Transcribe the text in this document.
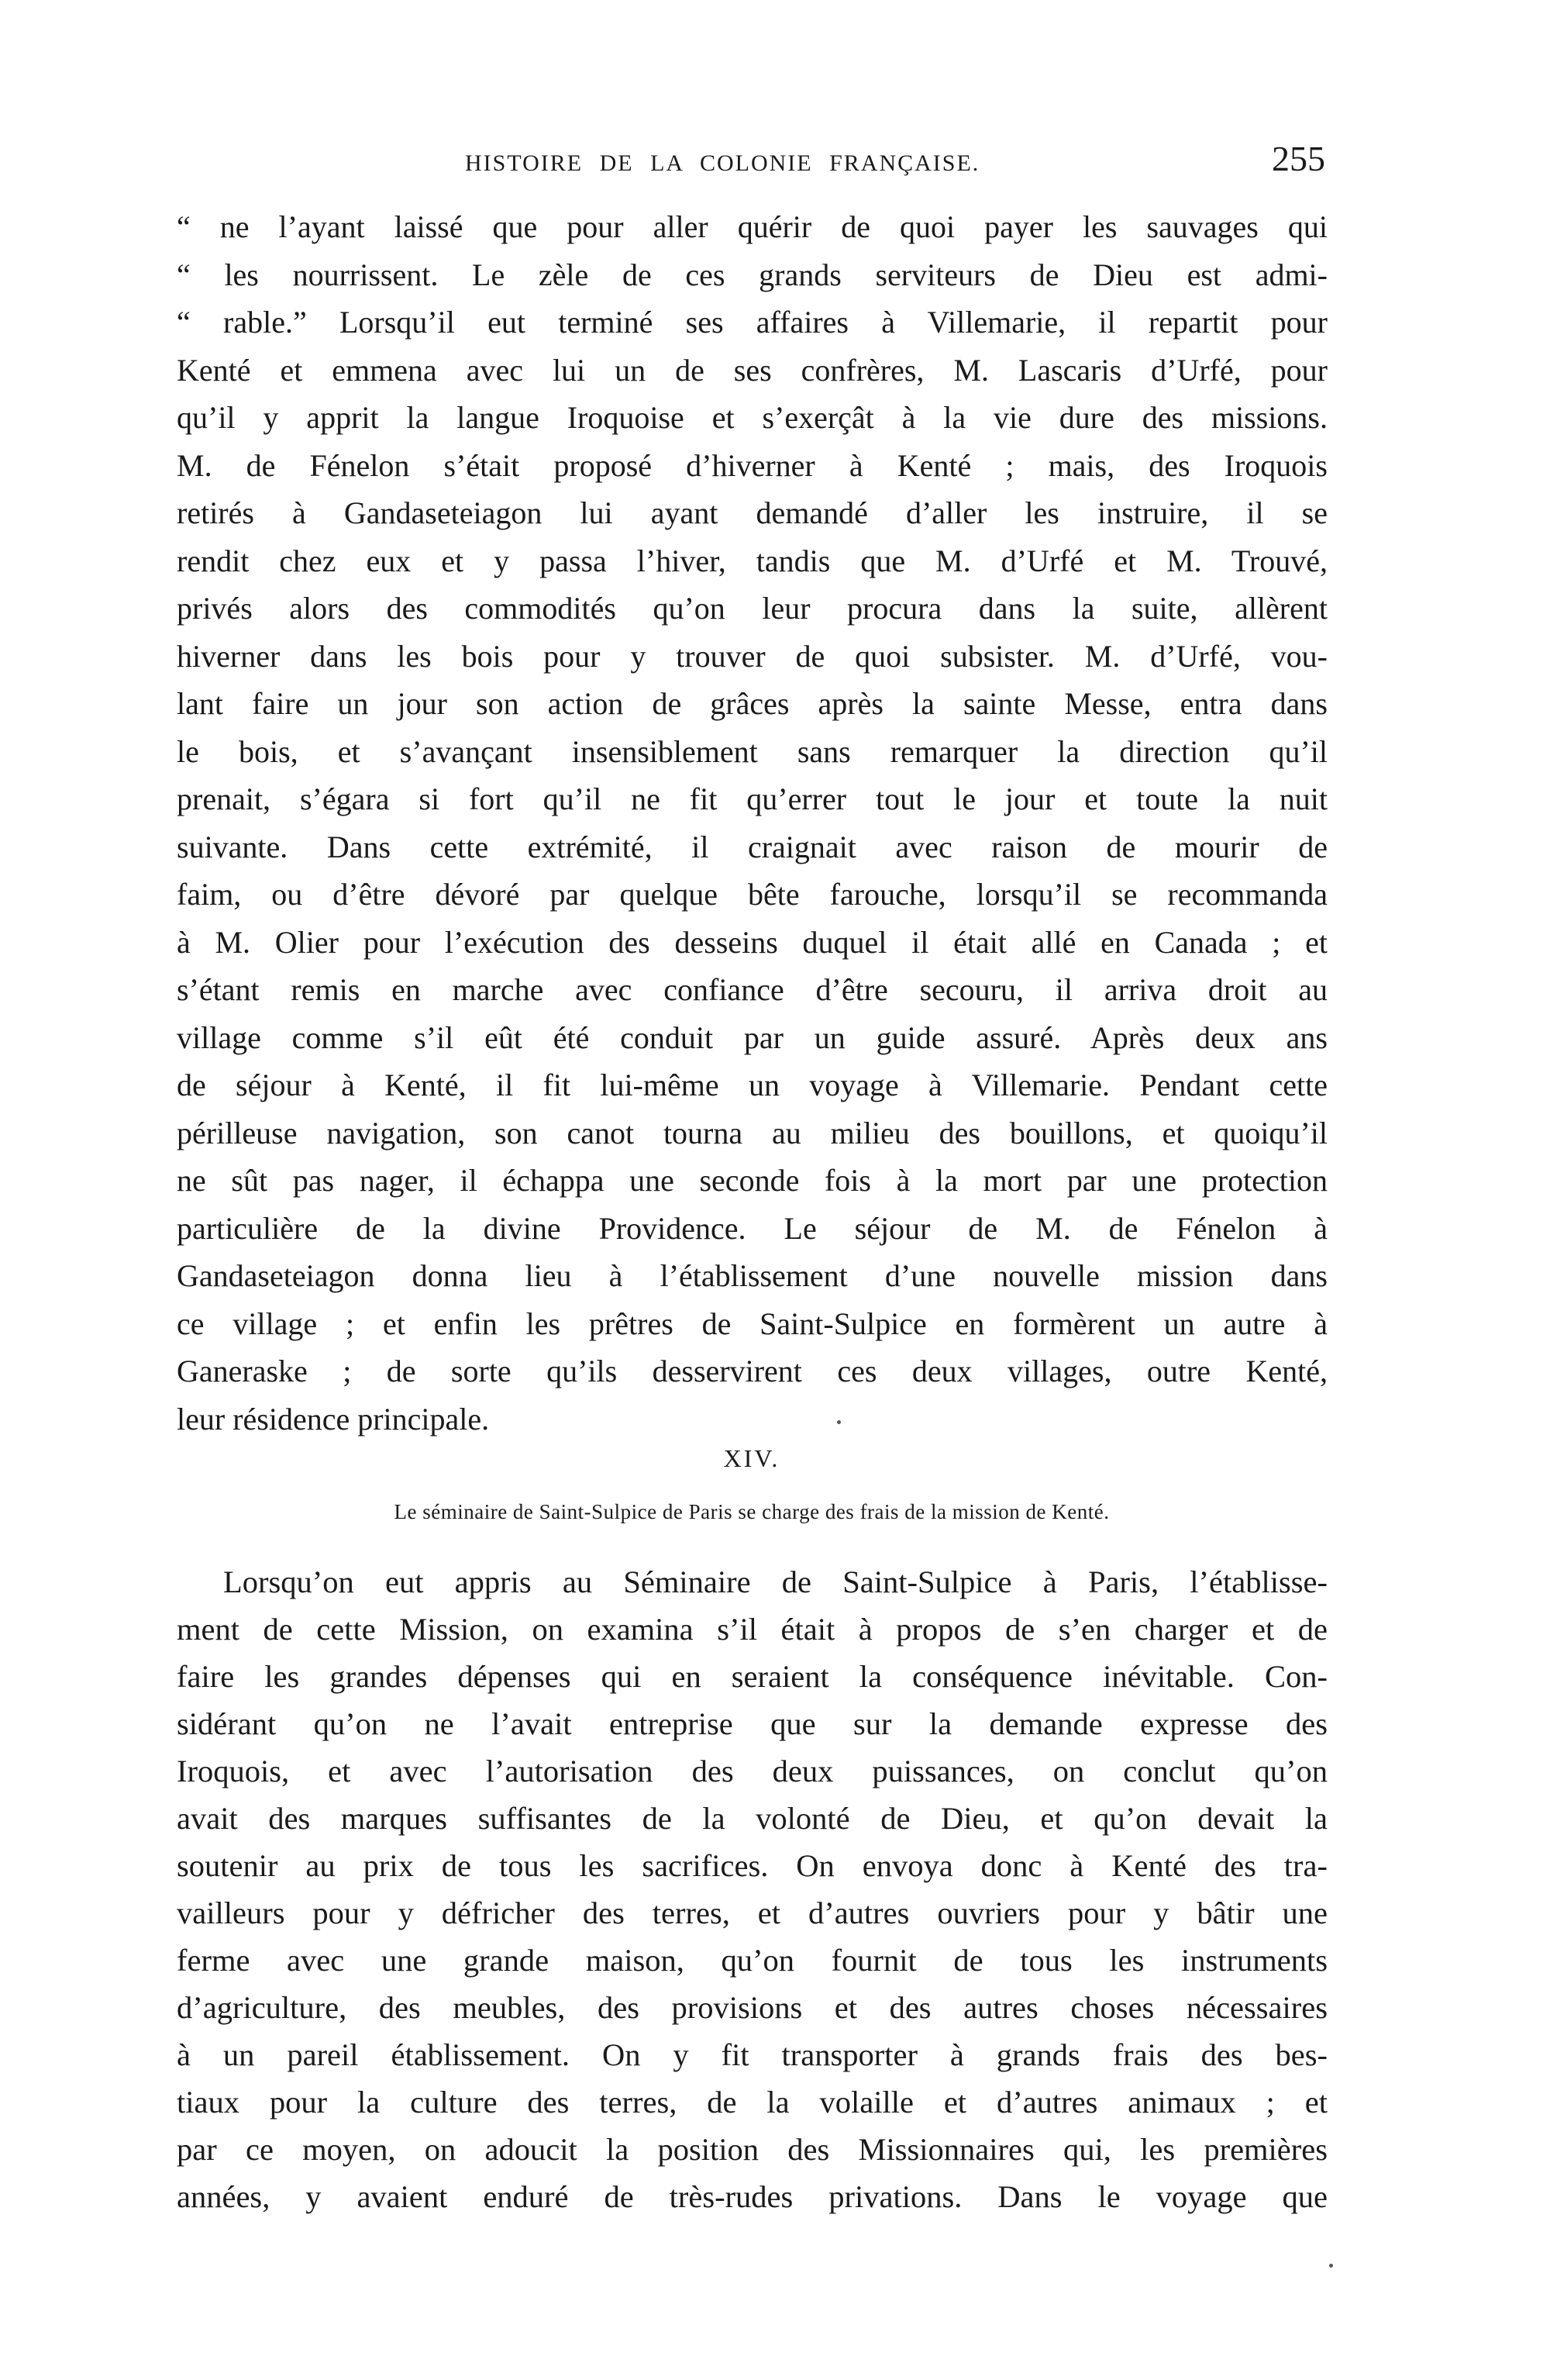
HISTOIRE DE LA COLONIE FRANÇAISE.	255
“ ne l’ayant laissé que pour aller quérir de quoi payer les sauvages qui
“ les nourrissent. Le zèle de ces grands serviteurs de Dieu est admi-
“ rable.” Lorsqu’il eut terminé ses affaires à Villemarie, il repartit pour
Kenté et emmena avec lui un de ses confrères, M. Lascaris d’Urfé, pour
qu’il y apprit la langue Iroquoise et s’exerçât à la vie dure des missions.
M. de Fénelon s’était proposé d’hiverner à Kenté ; mais, des Iroquois
retirés à Gandaseteiagon lui ayant demandé d’aller les instruire, il se
rendit chez eux et y passa l’hiver, tandis que M. d’Urfé et M. Trouvé,
privés alors des commodités qu’on leur procura dans la suite, allèrent
hiverner dans les bois pour y trouver de quoi subsister. M. d’Urfé, vou-
lant faire un jour son action de grâces après la sainte Messe, entra dans
le bois, et s’avançant insensiblement sans remarquer la direction qu’il
prenait, s’égara si fort qu’il ne fit qu’errer tout le jour et toute la nuit
suivante. Dans cette extrémité, il craignait avec raison de mourir de
faim, ou d’être dévoré par quelque bête farouche, lorsqu’il se recommanda
à M. Olier pour l’exécution des desseins duquel il était allé en Canada ; et
s’étant remis en marche avec confiance d’être secouru, il arriva droit au
village comme s’il eût été conduit par un guide assuré. Après deux ans
de séjour à Kenté, il fit lui-même un voyage à Villemarie. Pendant cette
périlleuse navigation, son canot tourna au milieu des bouillons, et quoiqu’il
ne sût pas nager, il échappa une seconde fois à la mort par une protection
particulière de la divine Providence. Le séjour de M. de Fénelon à
Gandaseteiagon donna lieu à l’établissement d’une nouvelle mission dans
ce village ; et enfin les prêtres de Saint-Sulpice en formèrent un autre à
Ganeraske ; de sorte qu’ils desservirent ces deux villages, outre Kenté,
leur résidence principale.
XIV.
Le séminaire de Saint-Sulpice de Paris se charge des frais de la mission de Kenté.
Lorsqu’on eut appris au Séminaire de Saint-Sulpice à Paris, l’établisse-
ment de cette Mission, on examina s’il était à propos de s’en charger et de
faire les grandes dépenses qui en seraient la conséquence inévitable. Con-
sidérant qu’on ne l’avait entreprise que sur la demande expresse des
Iroquois, et avec l’autorisation des deux puissances, on conclut qu’on
avait des marques suffisantes de la volonté de Dieu, et qu’on devait la
soutenir au prix de tous les sacrifices. On envoya donc à Kenté des tra-
vailleurs pour y défricher des terres, et d’autres ouvriers pour y bâtir une
ferme avec une grande maison, qu’on fournit de tous les instruments
d’agriculture, des meubles, des provisions et des autres choses nécessaires
à un pareil établissement. On y fit transporter à grands frais des bes-
tiaux pour la culture des terres, de la volaille et d’autres animaux ; et
par ce moyen, on adoucit la position des Missionnaires qui, les premières
années, y avaient enduré de très-rudes privations. Dans le voyage que
